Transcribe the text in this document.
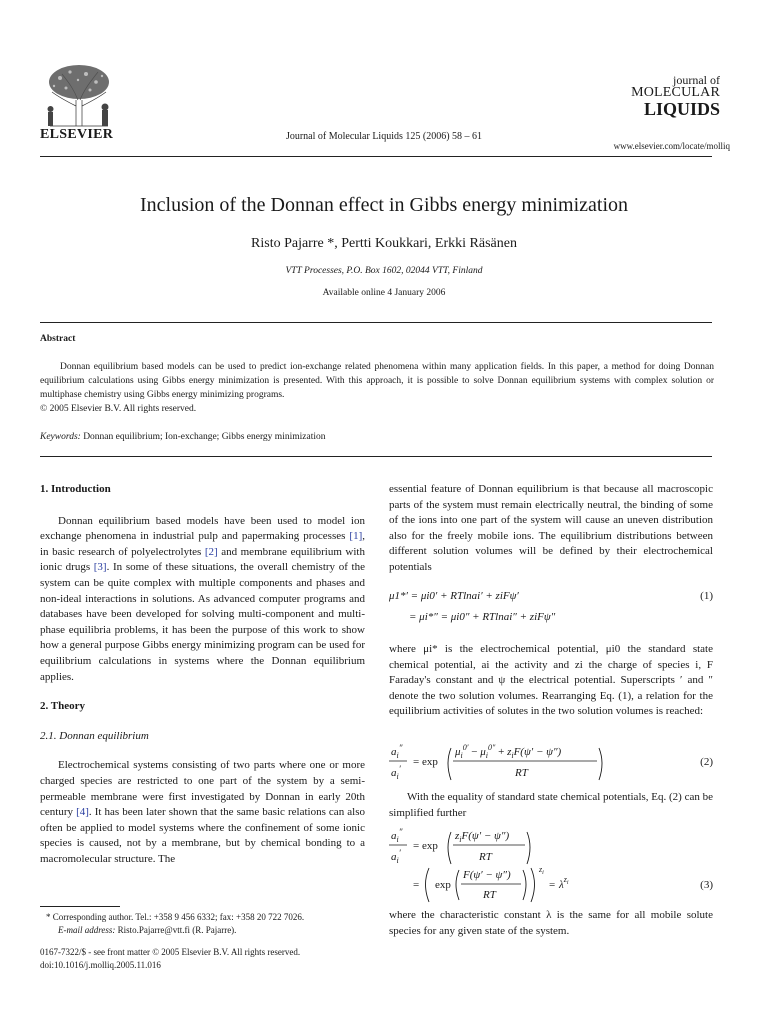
ELSEVIER	Journal of Molecular Liquids 125 (2006) 58 – 61
journal of
MOLECULAR
LIQUIDS
www.elsevier.com/locate/molliq
Inclusion of the Donnan effect in Gibbs energy minimization
Risto Pajarre *, Pertti Koukkari, Erkki Räsänen
VTT Processes, P.O. Box 1602, 02044 VTT, Finland
Available online 4 January 2006
Abstract

Donnan equilibrium based models can be used to predict ion-exchange related phenomena within many application fields. In this paper, a method for doing Donnan equilibrium calculations using Gibbs energy minimization is presented. With this approach, it is possible to solve Donnan equilibrium systems with complex solution or multiphase chemistry using Gibbs energy minimizing programs.

© 2005 Elsevier B.V. All rights reserved.

Keywords: Donnan equilibrium; Ion-exchange; Gibbs energy minimization
1. Introduction

Donnan equilibrium based models have been used to model ion exchange phenomena in industrial pulp and papermaking processes [1], in basic research of polyelectrolytes [2] and membrane equilibrium with ionic drugs [3]. In some of these situations, the overall chemistry of the system can be quite complex with multiple components and phases and non-ideal interactions in solutions. As advanced computer programs and databases have been developed for solving multi-component and multi-phase equilibria problems, it has been the purpose of this work to show how a general purpose Gibbs energy minimizing program can be used for equilibrium calculations in systems where the Donnan equilibrium applies.

2. Theory
2.1. Donnan equilibrium

Electrochemical systems consisting of two parts where one or more charged species are restricted to one part of the system by a semi-permeable membrane were first investigated by Donnan in early 20th century [4]. It has been later shown that the same basic relations can also often be applied to model systems where the confinement of some ionic species is caused, not by a membrane, but by chemical bonding to a macromolecular structure. The

* Corresponding author. Tel.: +358 9 456 6332; fax: +358 20 722 7026.
E-mail address: Risto.Pajarre@vtt.fi (R. Pajarre).
0167-7322/$ - see front matter © 2005 Elsevier B.V. All rights reserved.
doi:10.1016/j.molliq.2005.11.016

essential feature of Donnan equilibrium is that because all macroscopic parts of the system must remain electrically neutral, the binding of some of the ions into one part of the system will cause an uneven distribution also for the freely mobile ions. The equilibrium distributions between different solution volumes will be defined by their electrochemical potentials

μ1*′ = μi0′ + RTlnai′ + ziFψ′
= μi*″ = μi0″ + RTlnai″ + ziFψ″
(1)

where μi* is the electrochemical potential, μi0 the standard state chemical potential, ai the activity and zi the charge of species i, F Faraday's constant and ψ the electrical potential. Superscripts ′ and ″ denote the two solution volumes. Rearranging Eq. (1), a relation for the equilibrium activities of solutes in the two solution volumes is reached:

$a_i''$
$a_i'$
= exp
$\mu_i^{0'} - \mu_i^{0''} + z_iF(\psi' - \psi'')$
RT
(2)

With the equality of standard state chemical potentials, Eq. (2) can be simplified further

$a_i''$
$a_i'$
= exp
$z_iF(\psi' - \psi'')$
RT
= exp
F(ψ′ − ψ″)
RT
$z_i$
= $\lambda^{z_i}$	(3)

where the characteristic constant λ is the same for all mobile solute species for any given state of the system.
